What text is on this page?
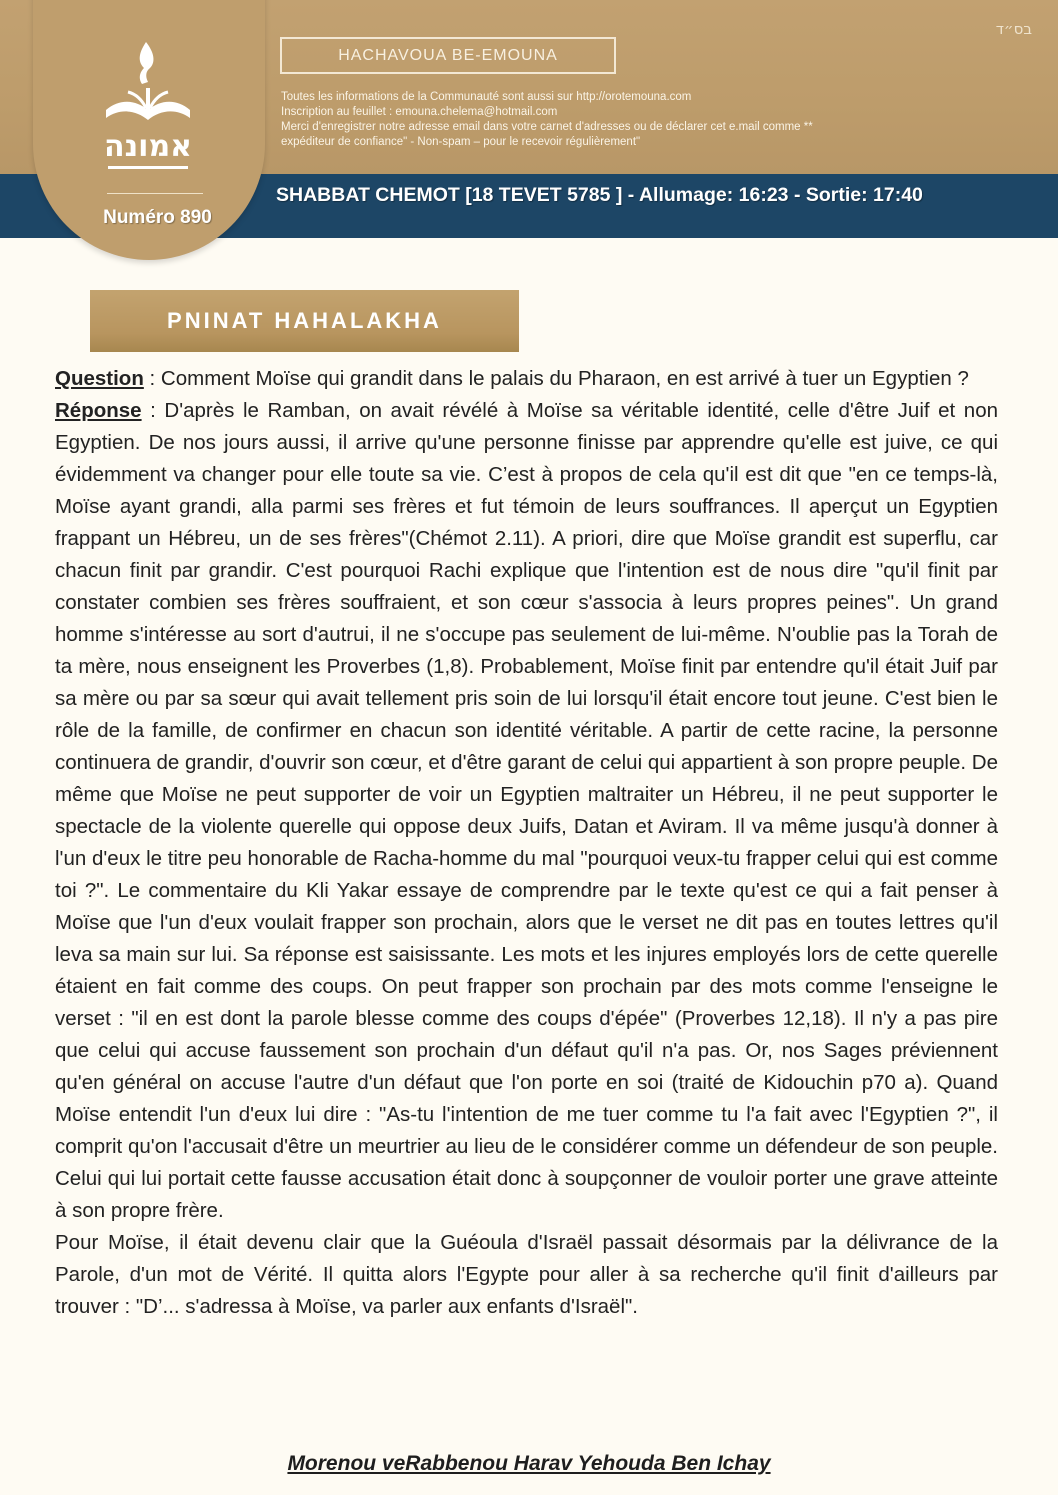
בס״ד
HACHAVOUA BE-EMOUNA
Toutes les informations de la Communauté sont aussi sur http://orotemouna.com
Inscription au feuillet : emouna.chelema@hotmail.com
Merci d'enregistrer notre adresse email dans votre carnet d'adresses ou de déclarer cet e.mail comme **
expéditeur de confiance" - Non-spam – pour le recevoir régulièrement"
SHABBAT CHEMOT [18 TEVET 5785 ] - Allumage: 16:23 - Sortie: 17:40
אמונה
Numéro 890
PNINAT HAHALAKHA

Question : Comment Moïse qui grandit dans le palais du Pharaon, en est arrivé à tuer un Egyptien ?

Réponse : D'après le Ramban, on avait révélé à Moïse sa véritable identité, celle d'être Juif et non Egyptien. De nos jours aussi, il arrive qu'une personne finisse par apprendre qu'elle est juive, ce qui évidemment va changer pour elle toute sa vie. C’est à propos de cela qu'il est dit que "en ce temps-là, Moïse ayant grandi, alla parmi ses frères et fut témoin de leurs souffrances. Il aperçut un Egyptien frappant un Hébreu, un de ses frères"(Chémot 2.11). A priori, dire que Moïse grandit est superflu, car chacun finit par grandir. C'est pourquoi Rachi explique que l'intention est de nous dire "qu'il finit par constater combien ses frères souffraient, et son cœur s'associa à leurs propres peines". Un grand homme s'intéresse au sort d'autrui, il ne s'occupe pas seulement de lui-même. N'oublie pas la Torah de ta mère, nous enseignent les Proverbes (1,8). Probablement, Moïse finit par entendre qu'il était Juif par sa mère ou par sa sœur qui avait tellement pris soin de lui lorsqu'il était encore tout jeune. C'est bien le rôle de la famille, de confirmer en chacun son identité véritable. A partir de cette racine, la personne continuera de grandir, d'ouvrir son cœur, et d'être garant de celui qui appartient à son propre peuple. De même que Moïse ne peut supporter de voir un Egyptien maltraiter un Hébreu, il ne peut supporter le spectacle de la violente querelle qui oppose deux Juifs, Datan et Aviram. Il va même jusqu'à donner à l'un d'eux le titre peu honorable de Racha-homme du mal "pourquoi veux-tu frapper celui qui est comme toi ?". Le commentaire du Kli Yakar essaye de comprendre par le texte qu'est ce qui a fait penser à Moïse que l'un d'eux voulait frapper son prochain, alors que le verset ne dit pas en toutes lettres qu'il leva sa main sur lui. Sa réponse est saisissante. Les mots et les injures employés lors de cette querelle étaient en fait comme des coups. On peut frapper son prochain par des mots comme l'enseigne le verset : "il en est dont la parole blesse comme des coups d'épée" (Proverbes 12,18). Il n'y a pas pire que celui qui accuse faussement son prochain d'un défaut qu'il n'a pas. Or, nos Sages préviennent qu'en général on accuse l'autre d'un défaut que l'on porte en soi (traité de Kidouchin p70 a). Quand Moïse entendit l'un d'eux lui dire : "As-tu l'intention de me tuer comme tu l'a fait avec l'Egyptien ?", il comprit qu'on l'accusait d'être un meurtrier au lieu de le considérer comme un défendeur de son peuple. Celui qui lui portait cette fausse accusation était donc à soupçonner de vouloir porter une grave atteinte à son propre frère.

Pour Moïse, il était devenu clair que la Guéoula d'Israël passait désormais par la délivrance de la Parole, d'un mot de Vérité. Il quitta alors l'Egypte pour aller à sa recherche qu'il finit d'ailleurs par trouver : "D’... s'adressa à Moïse, va parler aux enfants d'Israël".

Morenou veRabbenou Harav Yehouda Ben Ichay
